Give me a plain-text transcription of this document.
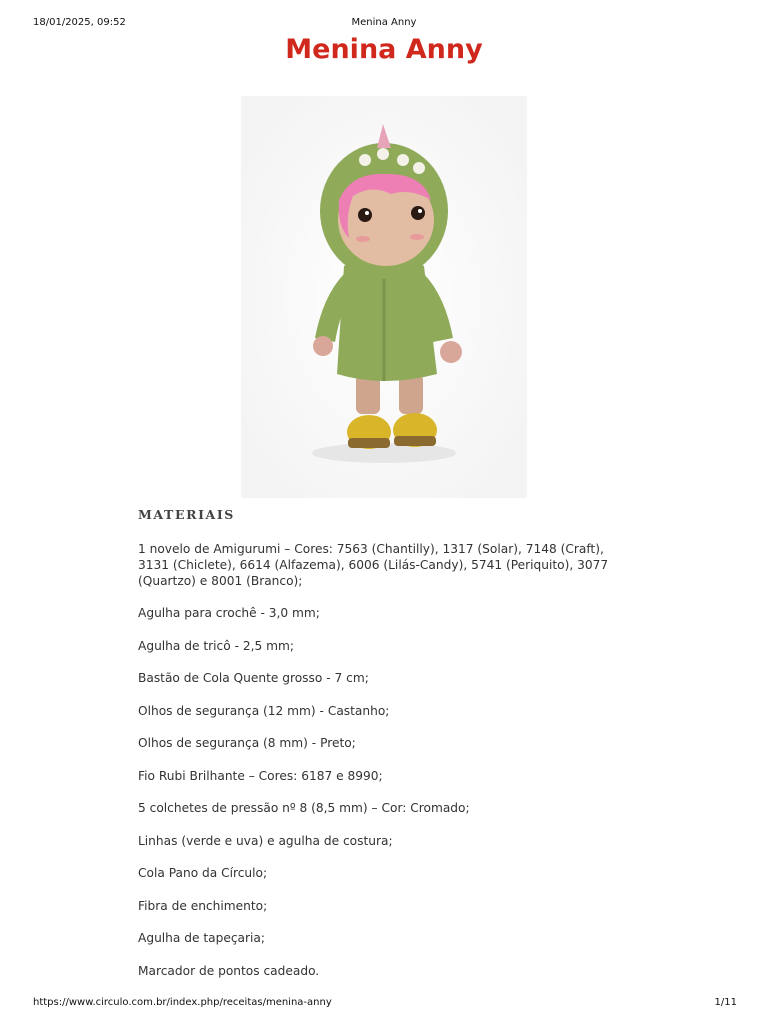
18/01/2025, 09:52	Menina Anny
Menina Anny
MATERIAIS

1 novelo de Amigurumi – Cores: 7563 (Chantilly), 1317 (Solar), 7148 (Craft), 3131 (Chiclete), 6614 (Alfazema), 6006 (Lilás-Candy), 5741 (Periquito), 3077 (Quartzo) e 8001 (Branco);

Agulha para crochê - 3,0 mm;

Agulha de tricô - 2,5 mm;

Bastão de Cola Quente grosso - 7 cm;

Olhos de segurança (12 mm) - Castanho;

Olhos de segurança (8 mm) - Preto;

Fio Rubi Brilhante – Cores: 6187 e 8990;

5 colchetes de pressão nº 8 (8,5 mm) – Cor: Cromado;

Linhas (verde e uva) e agulha de costura;

Cola Pano da Círculo;

Fibra de enchimento;

Agulha de tapeçaria;

Marcador de pontos cadeado.

https://www.circulo.com.br/index.php/receitas/menina-anny	1/11
